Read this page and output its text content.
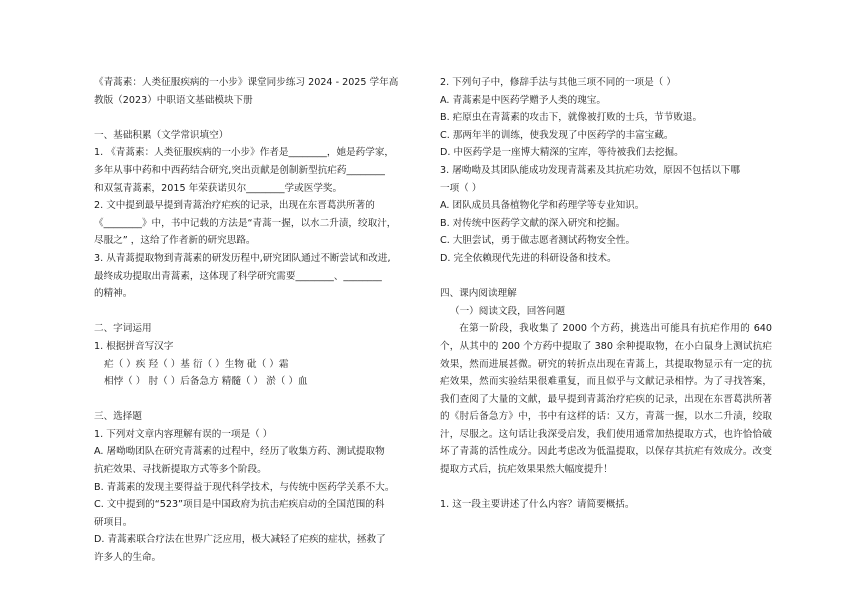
《青蒿素：人类征服疾病的一小步》课堂同步练习 2024 - 2025 学年高
教版（2023）中职语文基础模块下册
一、基础积累（文学常识填空）
1. 《青蒿素：人类征服疾病的一小步》作者是________，她是药学家，
多年从事中药和中西药结合研究,突出贡献是创制新型抗疟药________
和双氢青蒿素，2015 年荣获诺贝尔________学或医学奖。
2. 文中提到最早提到青蒿治疗疟疾的记录，出现在东晋葛洪所著的
《________》中，书中记载的方法是“青蒿一握，以水二升渍，绞取汁，
尽服之” ，这给了作者新的研究思路。
3. 从青蒿提取物到青蒿素的研发历程中,研究团队通过不断尝试和改进,
最终成功提取出青蒿素，这体现了科学研究需要________、________
的精神。
二、字词运用
1. 根据拼音写汉字
疟（ ）疾 羟（ ）基 衍（ ）生物 砒（ ）霜
相悖（ ） 肘（ ）后备急方 精髓（ ） 淤（ ）血
三、选择题
1. 下列对文章内容理解有误的一项是（ ）
A. 屠呦呦团队在研究青蒿素的过程中，经历了收集方药、测试提取物
抗疟效果、寻找新提取方式等多个阶段。
B. 青蒿素的发现主要得益于现代科学技术，与传统中医药学关系不大。
C. 文中提到的“523”项目是中国政府为抗击疟疾启动的全国范围的科
研项目。
D. 青蒿素联合疗法在世界广泛应用，极大减轻了疟疾的症状，拯救了
许多人的生命。
2. 下列句子中，修辞手法与其他三项不同的一项是（ ）
A. 青蒿素是中医药学赠予人类的瑰宝。
B. 疟原虫在青蒿素的攻击下，就像被打败的士兵，节节败退。
C. 那两年半的训练，使我发现了中医药学的丰富宝藏。
D. 中医药学是一座博大精深的宝库，等待被我们去挖掘。
3. 屠呦呦及其团队能成功发现青蒿素及其抗疟功效，原因不包括以下哪
一项（ ）
A. 团队成员具备植物化学和药理学等专业知识。
B. 对传统中医药学文献的深入研究和挖掘。
C. 大胆尝试，勇于做志愿者测试药物安全性。
D. 完全依赖现代先进的科研设备和技术。
四、课内阅读理解
（一）阅读文段，回答问题
在第一阶段，我收集了 2000 个方药，挑选出可能具有抗疟作用的 640 个，从其中的 200 个方药中提取了 380 余种提取物，在小白鼠身上测试抗疟效果，然而进展甚微。研究的转折点出现在青蒿上，其提取物显示有一定的抗疟效果，然而实验结果很难重复，而且似乎与文献记录相悖。为了寻找答案，我们查阅了大量的文献，最早提到青蒿治疗疟疾的记录，出现在东晋葛洪所著的《肘后备急方》中，书中有这样的话：又方，青蒿一握，以水二升渍，绞取汁，尽服之。这句话让我深受启发，我们使用通常加热提取方式，也许恰恰破坏了青蒿的活性成分。因此考虑改为低温提取，以保存其抗疟有效成分。改变提取方式后，抗疟效果果然大幅度提升！
1. 这一段主要讲述了什么内容？请简要概括。
